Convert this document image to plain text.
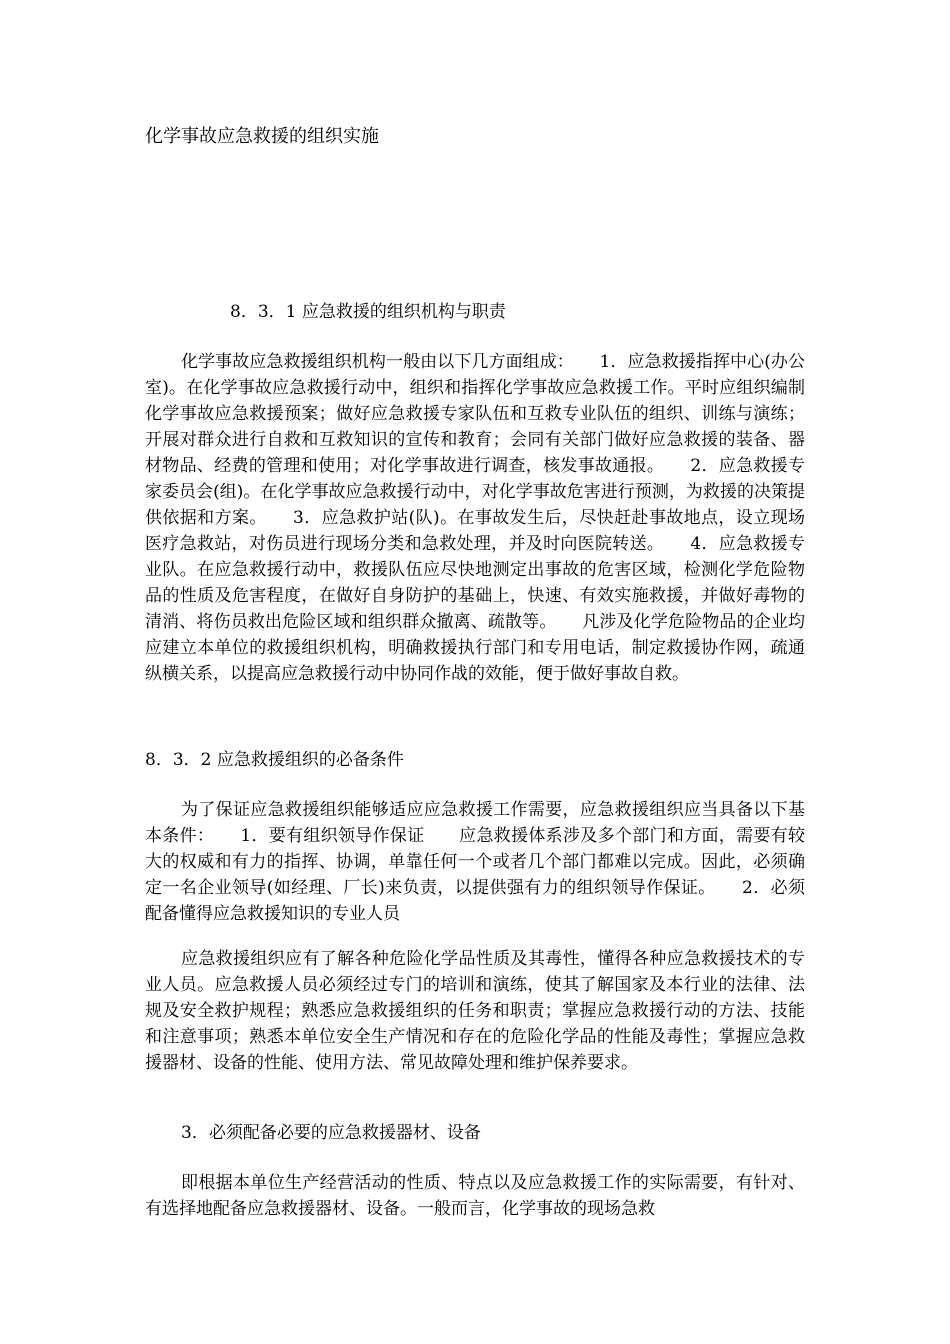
化学事故应急救援的组织实施
8．3．1 应急救援的组织机构与职责

化学事故应急救援组织机构一般由以下几方面组成：　　1．应急救援指挥中心(办公室)。在化学事故应急救援行动中，组织和指挥化学事故应急救援工作。平时应组织编制化学事故应急救援预案；做好应急救援专家队伍和互救专业队伍的组织、训练与演练；开展对群众进行自救和互救知识的宣传和教育；会同有关部门做好应急救援的装备、器材物品、经费的管理和使用；对化学事故进行调查，核发事故通报。　　2．应急救援专家委员会(组)。在化学事故应急救援行动中，对化学事故危害进行预测，为救援的决策提供依据和方案。　　3．应急救护站(队)。在事故发生后，尽快赶赴事故地点，设立现场医疗急救站，对伤员进行现场分类和急救处理，并及时向医院转送。　　4．应急救援专业队。在应急救援行动中，救援队伍应尽快地测定出事故的危害区域，检测化学危险物品的性质及危害程度，在做好自身防护的基础上，快速、有效实施救援，并做好毒物的清消、将伤员救出危险区域和组织群众撤离、疏散等。　　凡涉及化学危险物品的企业均应建立本单位的救援组织机构，明确救援执行部门和专用电话，制定救援协作网，疏通纵横关系，以提高应急救援行动中协同作战的效能，便于做好事故自救。

8．3．2 应急救援组织的必备条件

为了保证应急救援组织能够适应应急救援工作需要，应急救援组织应当具备以下基本条件：　　1．要有组织领导作保证　　应急救援体系涉及多个部门和方面，需要有较大的权威和有力的指挥、协调，单靠任何一个或者几个部门都难以完成。因此，必须确定一名企业领导(如经理、厂长)来负责，以提供强有力的组织领导作保证。　　2．必须配备懂得应急救援知识的专业人员

应急救援组织应有了解各种危险化学品性质及其毒性，懂得各种应急救援技术的专业人员。应急救援人员必须经过专门的培训和演练，使其了解国家及本行业的法律、法规及安全救护规程；熟悉应急救援组织的任务和职责；掌握应急救援行动的方法、技能和注意事项；熟悉本单位安全生产情况和存在的危险化学品的性能及毒性；掌握应急救援器材、设备的性能、使用方法、常见故障处理和维护保养要求。

3．必须配备必要的应急救援器材、设备

即根据本单位生产经营活动的性质、特点以及应急救援工作的实际需要，有针对、有选择地配备应急救援器材、设备。一般而言，化学事故的现场急救
